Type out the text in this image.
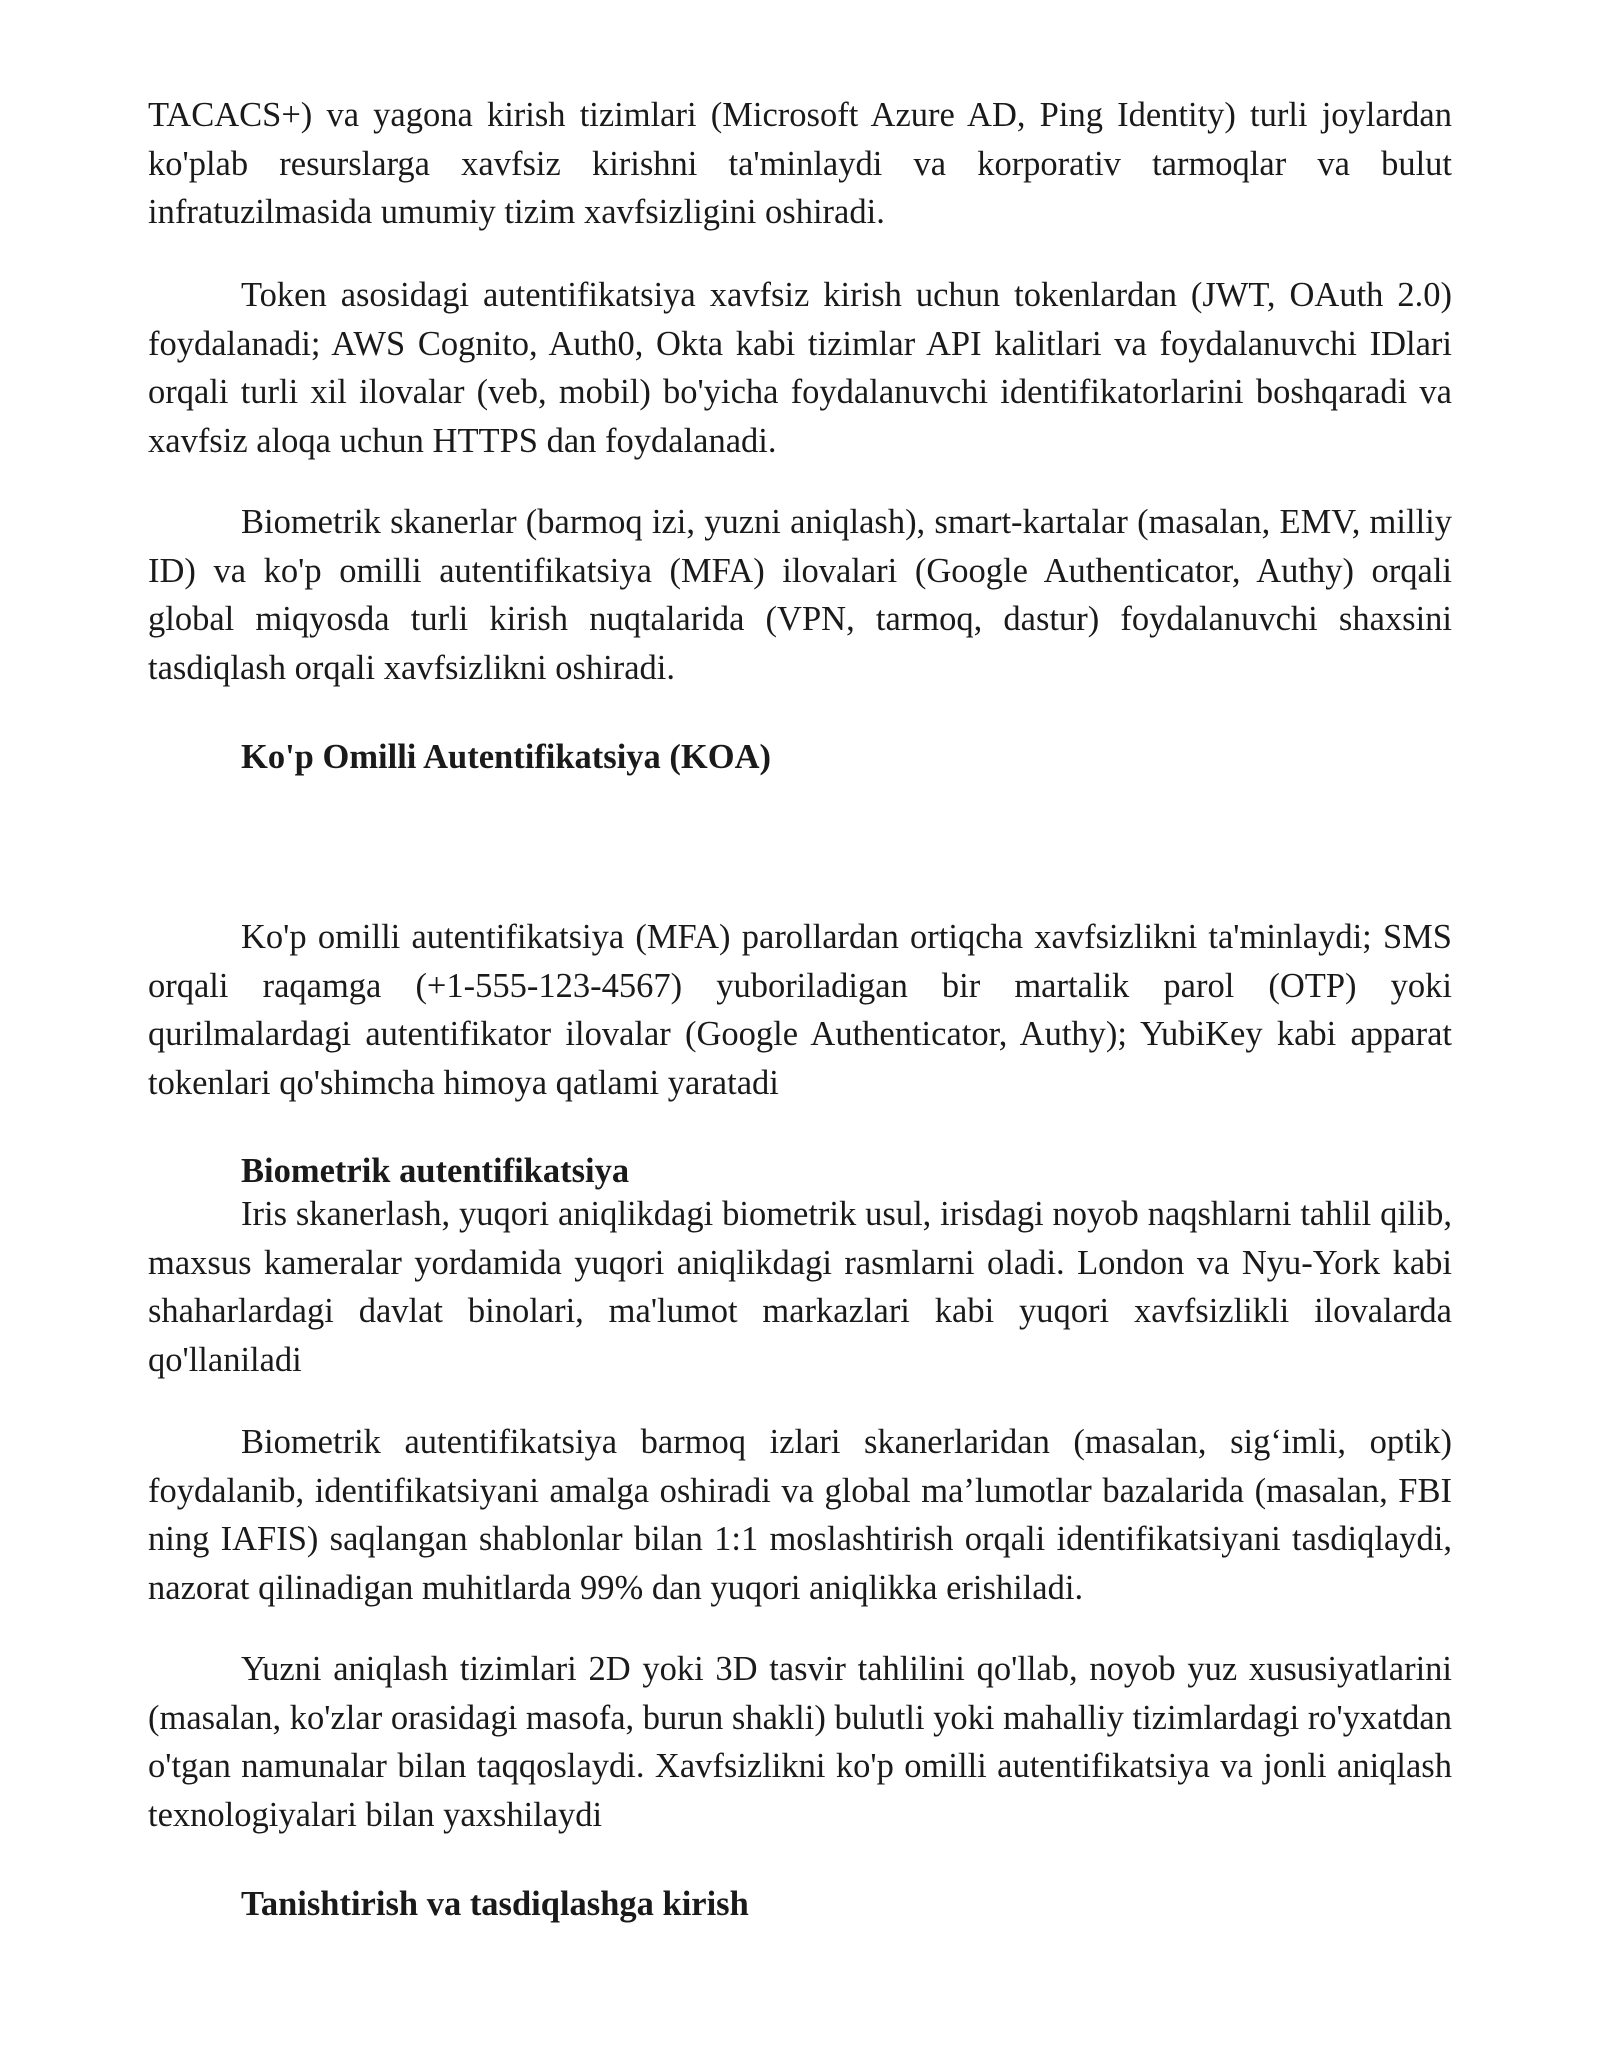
TACACS+) va yagona kirish tizimlari (Microsoft Azure AD, Ping Identity) turli joylardan ko'plab resurslarga xavfsiz kirishni ta'minlaydi va korporativ tarmoqlar va bulut infratuzilmasida umumiy tizim xavfsizligini oshiradi.

Token asosidagi autentifikatsiya xavfsiz kirish uchun tokenlardan (JWT, OAuth 2.0) foydalanadi; AWS Cognito, Auth0, Okta kabi tizimlar API kalitlari va foydalanuvchi IDlari orqali turli xil ilovalar (veb, mobil) bo'yicha foydalanuvchi identifikatorlarini boshqaradi va xavfsiz aloqa uchun HTTPS dan foydalanadi.

Biometrik skanerlar (barmoq izi, yuzni aniqlash), smart-kartalar (masalan, EMV, milliy ID) va ko'p omilli autentifikatsiya (MFA) ilovalari (Google Authenticator, Authy) orqali global miqyosda turli kirish nuqtalarida (VPN, tarmoq, dastur) foydalanuvchi shaxsini tasdiqlash orqali xavfsizlikni oshiradi.

Ko'p Omilli Autentifikatsiya (KOA)

Ko'p omilli autentifikatsiya (MFA) parollardan ortiqcha xavfsizlikni ta'minlaydi; SMS orqali raqamga (+1-555-123-4567) yuboriladigan bir martalik parol (OTP) yoki qurilmalardagi autentifikator ilovalar (Google Authenticator, Authy); YubiKey kabi apparat tokenlari qo'shimcha himoya qatlami yaratadi

Biometrik autentifikatsiya

Iris skanerlash, yuqori aniqlikdagi biometrik usul, irisdagi noyob naqshlarni tahlil qilib, maxsus kameralar yordamida yuqori aniqlikdagi rasmlarni oladi. London va Nyu-York kabi shaharlardagi davlat binolari, ma'lumot markazlari kabi yuqori xavfsizlikli ilovalarda qo'llaniladi

Biometrik autentifikatsiya barmoq izlari skanerlaridan (masalan, sig‘imli, optik) foydalanib, identifikatsiyani amalga oshiradi va global ma’lumotlar bazalarida (masalan, FBI ning IAFIS) saqlangan shablonlar bilan 1:1 moslashtirish orqali identifikatsiyani tasdiqlaydi, nazorat qilinadigan muhitlarda 99% dan yuqori aniqlikka erishiladi.

Yuzni aniqlash tizimlari 2D yoki 3D tasvir tahlilini qo'llab, noyob yuz xususiyatlarini (masalan, ko'zlar orasidagi masofa, burun shakli) bulutli yoki mahalliy tizimlardagi ro'yxatdan o'tgan namunalar bilan taqqoslaydi. Xavfsizlikni ko'p omilli autentifikatsiya va jonli aniqlash texnologiyalari bilan yaxshilaydi

Tanishtirish va tasdiqlashga kirish
